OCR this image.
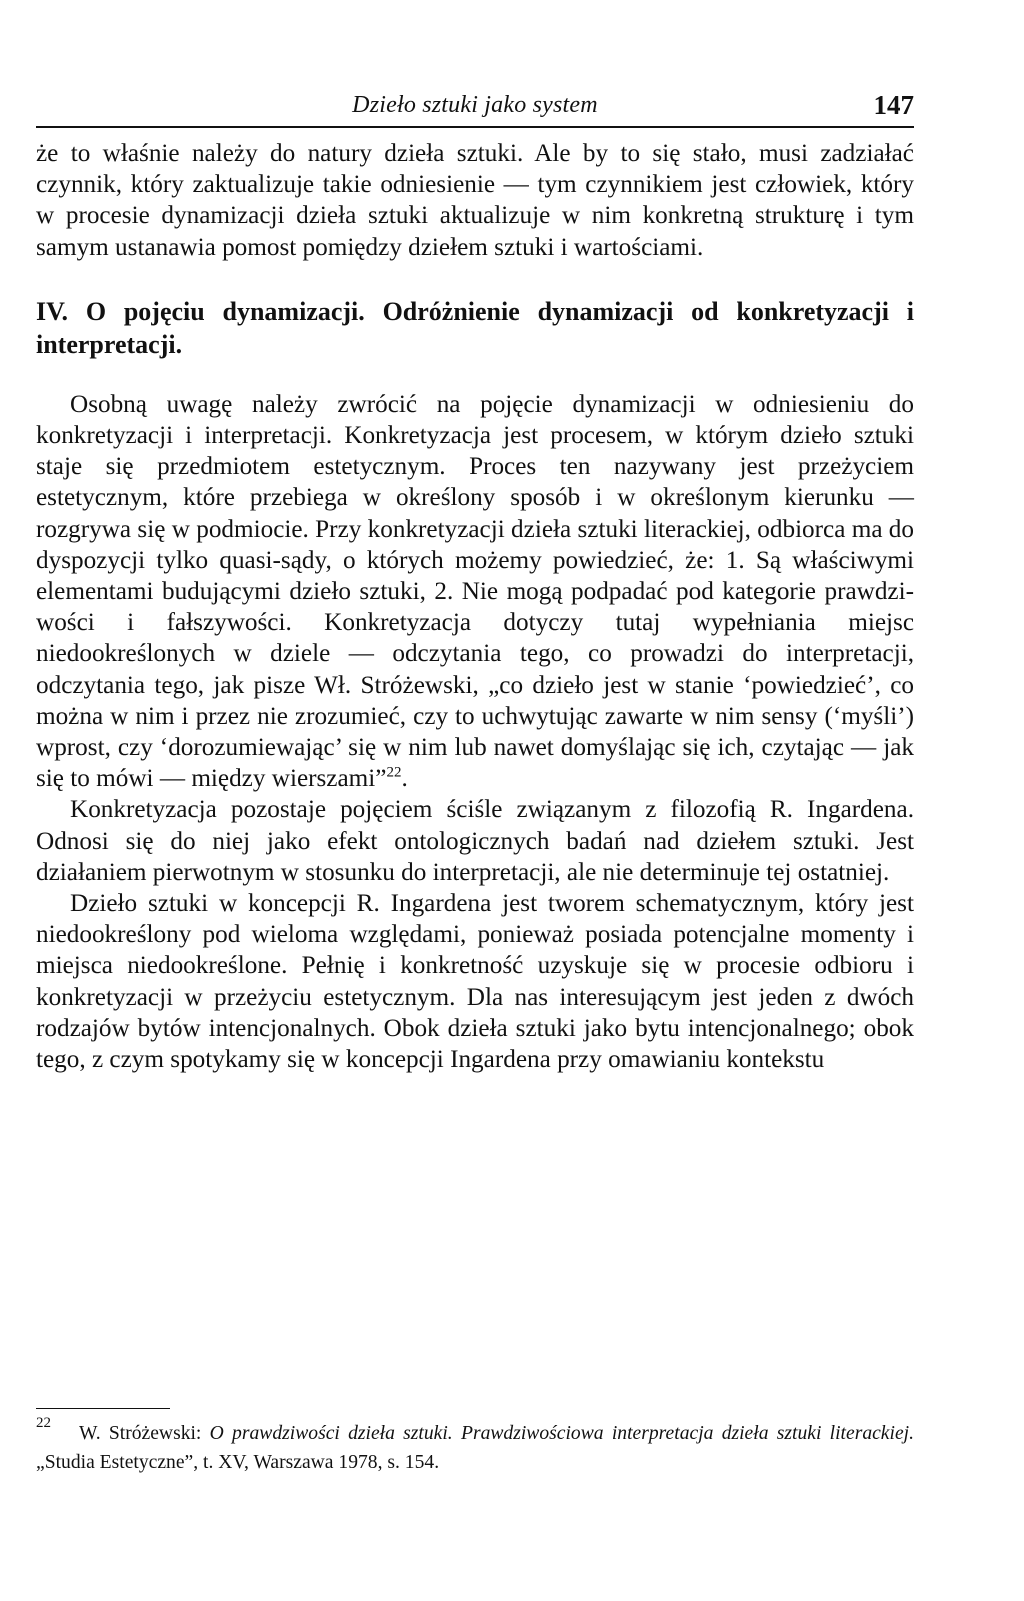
Dzieło sztuki jako system	147

że to właśnie należy do natury dzieła sztuki. Ale by to się stało, musi zadziałać czynnik, który zaktualizuje takie odniesienie — tym czynnikiem jest człowiek, który w procesie dynamizacji dzieła sztuki aktualizuje w nim konkretną strukturę i tym samym ustanawia pomost pomiędzy dziełem sztuki i wartościami.

IV. O pojęciu dynamizacji. Odróżnienie dynamizacji od konkretyzacji i interpretacji.

Osobną uwagę należy zwrócić na pojęcie dynamizacji w odniesieniu do konkretyzacji i interpretacji. Konkretyzacja jest procesem, w którym dzieło sztuki staje się przedmiotem estetycznym. Proces ten nazywany jest przeżyciem estetycznym, które przebiega w określony sposób i w określonym kierunku — rozgrywa się w podmiocie. Przy konkretyzacji dzieła sztuki literackiej, odbiorca ma do dyspozycji tylko quasi-sądy, o których możemy powiedzieć, że: 1. Są właściwymi elementami budującymi dzieło sztuki, 2. Nie mogą podpadać pod kategorie prawdziwości i fałszywości. Konkretyzacja dotyczy tutaj wypełniania miejsc niedookreślonych w dziele — odczytania tego, co prowadzi do interpretacji, odczytania tego, jak pisze Wł. Stróżewski, „co dzieło jest w stanie ‘powiedzieć’, co można w nim i przez nie zrozumieć, czy to uchwytując zawarte w nim sensy (‘myśli’) wprost, czy ‘dorozumiewając’ się w nim lub nawet domyślając się ich, czytając — jak się to mówi — między wierszami”$^{22}$.

Konkretyzacja pozostaje pojęciem ściśle związanym z filozofią R. Ingardena. Odnosi się do niej jako efekt ontologicznych badań nad dziełem sztuki. Jest działaniem pierwotnym w stosunku do interpretacji, ale nie determinuje tej ostatniej.

Dzieło sztuki w koncepcji R. Ingardena jest tworem schematycznym, który jest niedookreślony pod wieloma względami, ponieważ posiada potencjalne momenty i miejsca niedookreślone. Pełnię i konkretność uzyskuje się w procesie odbioru i konkretyzacji w przeżyciu estetycznym. Dla nas interesującym jest jeden z dwóch rodzajów bytów intencjonalnych. Obok dzieła sztuki jako bytu intencjonalnego; obok tego, z czym spotykamy się w koncepcji Ingardena przy omawianiu kontekstu

$^{22}$ W. Stróżewski: O prawdziwości dzieła sztuki. Prawdziwościowa interpretacja dzieła sztuki literackiej. „Studia Estetyczne”, t. XV, Warszawa 1978, s. 154.
